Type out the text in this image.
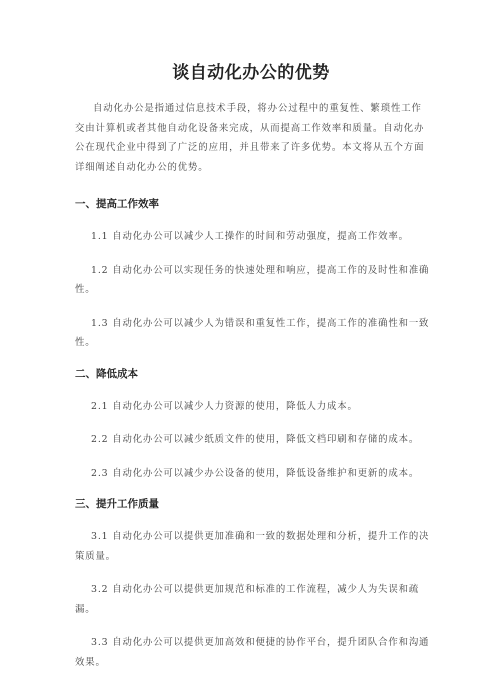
谈自动化办公的优势

自动化办公是指通过信息技术手段，将办公过程中的重复性、繁琐性工作交由计算机或者其他自动化设备来完成，从而提高工作效率和质量。自动化办公在现代企业中得到了广泛的应用，并且带来了许多优势。本文将从五个方面详细阐述自动化办公的优势。

一、提高工作效率

1.1 自动化办公可以减少人工操作的时间和劳动强度，提高工作效率。

1.2 自动化办公可以实现任务的快速处理和响应，提高工作的及时性和准确性。

1.3 自动化办公可以减少人为错误和重复性工作，提高工作的准确性和一致性。

二、降低成本

2.1 自动化办公可以减少人力资源的使用，降低人力成本。

2.2 自动化办公可以减少纸质文件的使用，降低文档印刷和存储的成本。

2.3 自动化办公可以减少办公设备的使用，降低设备维护和更新的成本。

三、提升工作质量

3.1 自动化办公可以提供更加准确和一致的数据处理和分析，提升工作的决策质量。

3.2 自动化办公可以提供更加规范和标准的工作流程，减少人为失误和疏漏。

3.3 自动化办公可以提供更加高效和便捷的协作平台，提升团队合作和沟通效果。
